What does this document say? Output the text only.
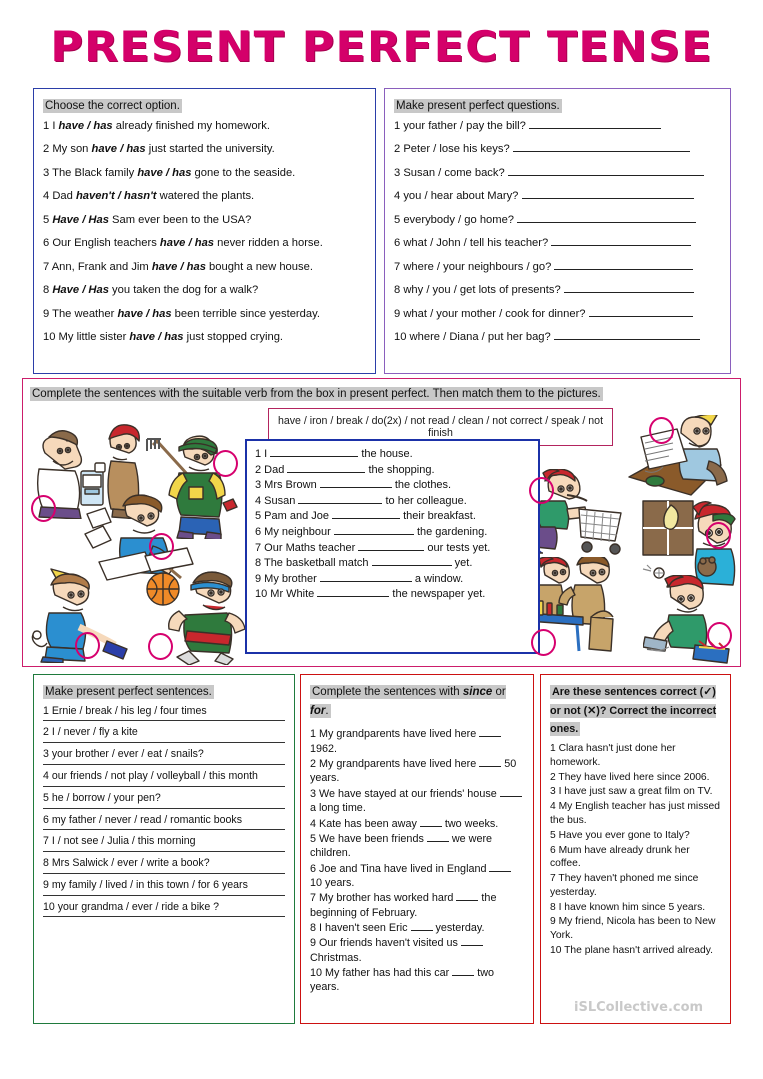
PRESENT PERFECT TENSE
Choose the correct option.

1 I have / has already finished my homework.

2 My son have / has just started the university.

3 The Black family have / has gone to the seaside.

4 Dad haven't / hasn't watered the plants.

5 Have / Has Sam ever been to the USA?

6 Our English teachers have / has never ridden a horse.

7 Ann, Frank and Jim have / has bought a new house.

8 Have / Has you taken the dog for a walk?

9 The weather have / has been terrible since yesterday.

10 My little sister have / has just stopped crying.

Make present perfect questions.

1 your father / pay the bill?

2 Peter / lose his keys?

3 Susan / come back?

4 you / hear about Mary?

5 everybody / go home?

6 what / John / tell his teacher?

7 where / your neighbours / go?

8 why / you / get lots of presents?

9 what / your mother / cook for dinner?

10 where / Diana / put her bag?

Complete the sentences with the suitable verb from the box in present perfect. Then match them to the pictures.
have / iron / break / do(2x) / not read / clean / not correct / speak / not finish

1 I	the house.

2 Dad	the shopping.

3 Mrs Brown	the clothes.

4 Susan	to her colleague.

5 Pam and Joe	their breakfast.

6 My neighbour	the gardening.

7 Our Maths teacher	our tests yet.

8 The basketball match	yet.

9 My brother	a window.

10 Mr White	the newspaper yet.

Make present perfect sentences.

1 Ernie / break / his leg / four times

2 I / never / fly a kite

3 your brother / ever / eat / snails?

4 our friends / not play / volleyball / this month

5 he / borrow / your pen?

6 my father / never / read / romantic books

7 I / not see / Julia / this morning

8 Mrs Salwick / ever / write a book?

9 my family / lived / in this town / for 6 years

10 your grandma / ever / ride a bike ?

Complete the sentences with since or for.

1 My grandparents have lived here  1962.

2 My grandparents have lived here  50 years.

3 We have stayed at our friends' house  a long time.

4 Kate has been away  two weeks.

5 We have been friends  we were children.

6 Joe and Tina have lived in England  10 years.

7 My brother has worked hard  the beginning of February.

8 I haven't seen Eric  yesterday.

9 Our friends haven't visited us  Christmas.

10 My father has had this car  two years.

Are these sentences correct (✓) or not (✕)? Correct the incorrect ones.

1 Clara hasn't just done her homework.

2 They have lived here since 2006.

3 I have just saw a great film on TV.

4 My English teacher has just missed the bus.

5 Have you ever gone to Italy?

6 Mum have already drunk her coffee.

7 They haven't phoned me since yesterday.

8 I have known him since 5 years.

9 My friend, Nicola has been to New York.

10 The plane hasn't arrived already.

iSLCollective.com
